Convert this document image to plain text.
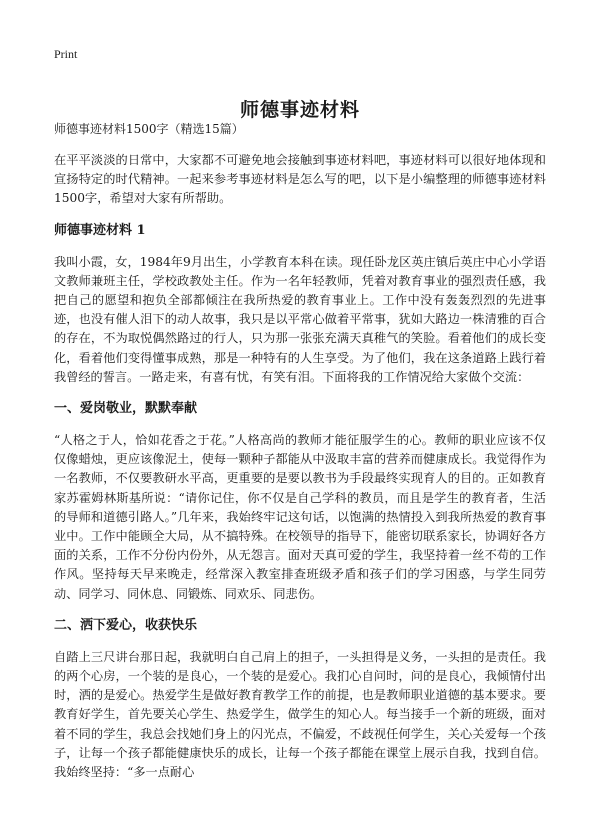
Print
师德事迹材料
师德事迹材料1500字（精选15篇）

在平平淡淡的日常中，大家都不可避免地会接触到事迹材料吧，事迹材料可以很好地体现和宣扬特定的时代精神。一起来参考事迹材料是怎么写的吧，以下是小编整理的师德事迹材料1500字，希望对大家有所帮助。

师德事迹材料 1

我叫小霞，女，1984年9月出生，小学教育本科在读。现任卧龙区英庄镇后英庄中心小学语文教师兼班主任，学校政教处主任。作为一名年轻教师，凭着对教育事业的强烈责任感，我把自己的愿望和抱负全部都倾注在我所热爱的教育事业上。工作中没有轰轰烈烈的先进事迹，也没有催人泪下的动人故事，我只是以平常心做着平常事，犹如大路边一株清雅的百合的存在，不为取悦偶然路过的行人，只为那一张张充满天真稚气的笑脸。看着他们的成长变化，看着他们变得懂事成熟，那是一种特有的人生享受。为了他们，我在这条道路上践行着我曾经的誓言。一路走来，有喜有忧，有笑有泪。下面将我的工作情况给大家做个交流：

一、爱岗敬业，默默奉献

“人格之于人，恰如花香之于花。”人格高尚的教师才能征服学生的心。教师的职业应该不仅仅像蜡烛，更应该像泥土，使每一颗种子都能从中汲取丰富的营养而健康成长。我觉得作为一名教师，不仅要教研水平高，更重要的是要以教书为手段最终实现育人的目的。正如教育家苏霍姆林斯基所说：“请你记住，你不仅是自己学科的教员，而且是学生的教育者，生活的导师和道德引路人。”几年来，我始终牢记这句话，以饱满的热情投入到我所热爱的教育事业中。工作中能顾全大局，从不搞特殊。在校领导的指导下，能密切联系家长，协调好各方面的关系，工作不分份内份外，从无怨言。面对天真可爱的学生，我坚持着一丝不苟的工作作风。坚持每天早来晚走，经常深入教室排查班级矛盾和孩子们的学习困惑，与学生同劳动、同学习、同休息、同锻炼、同欢乐、同悲伤。

二、洒下爱心，收获快乐

自踏上三尺讲台那日起，我就明白自己肩上的担子，一头担得是义务，一头担的是责任。我的两个心房，一个装的是良心，一个装的是爱心。我扪心自问时，问的是良心，我倾情付出时，洒的是爱心。热爱学生是做好教育教学工作的前提，也是教师职业道德的基本要求。要教育好学生，首先要关心学生、热爱学生，做学生的知心人。每当接手一个新的班级，面对着不同的学生，我总会找她们身上的闪光点，不偏爱，不歧视任何学生，关心关爱每一个孩子，让每一个孩子都能健康快乐的成长，让每一个孩子都能在课堂上展示自我，找到自信。我始终坚持：“多一点耐心
